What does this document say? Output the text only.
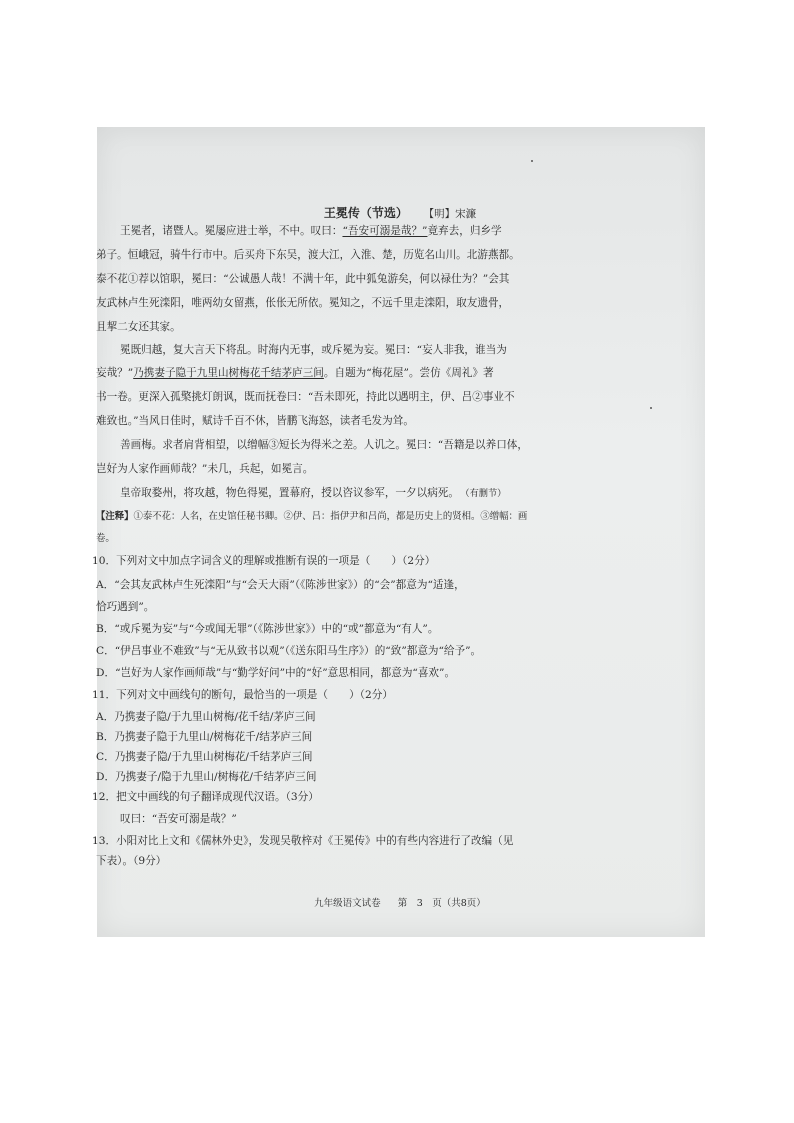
王冕传（节选） 【明】宋濂
王冕者，诸暨人。冕屡应进士举，不中。叹曰：“吾安可溺是哉？”竟弃去，归乡学
弟子。恒峨冠，骑牛行市中。后买舟下东吴，渡大江，入淮、楚，历览名山川。北游燕都。
泰不花①荐以馆职，冕曰：“公诚愚人哉！不满十年，此中狐兔游矣，何以禄仕为？”会其
友武林卢生死滦阳，唯两幼女留燕，伥伥无所依。冕知之，不远千里走滦阳，取友遗骨，
且挈二女还其家。
冕既归越，复大言天下将乱。时海内无事，或斥冕为妄。冕曰：“妄人非我，谁当为
妄哉？”乃携妻子隐于九里山树梅花千结茅庐三间。自题为“梅花屋”。尝仿《周礼》著
书一卷。更深入孤檠挑灯朗讽，既而抚卷曰：“吾未即死，持此以遇明主，伊、吕②事业不
难致也。”当风日佳时，赋诗千百不休，皆鹏飞海怒，读者毛发为耸。
善画梅。求者肩背相望，以缯幅③短长为得米之差。人讥之。冕曰：“吾籍是以养口体，
岂好为人家作画师哉？”未几，兵起，如冕言。
皇帝取婺州，将攻越，物色得冕，置幕府，授以咨议参军，一夕以病死。 （有删节）
【注释】①泰不花：人名，在史馆任秘书卿。②伊、吕：指伊尹和吕尚，都是历史上的贤相。③缯幅：画
卷。
10．下列对文中加点字词含义的理解或推断有误的一项是（　　）（2分）
A．“会其友武林卢生死滦阳”与“会天大雨”（《陈涉世家》）的“会”都意为“适逢，
恰巧遇到”。
B．“或斥冕为妄”与“今或闻无罪”（《陈涉世家》）中的“或”都意为“有人”。
C．“伊吕事业不难致”与“无从致书以观”（《送东阳马生序》）的“致”都意为“给予”。
D．“岂好为人家作画师哉”与“勤学好问”中的“好”意思相同，都意为“喜欢”。
11．下列对文中画线句的断句，最恰当的一项是（　　）（2分）
A．乃携妻子隐/于九里山树梅/花千结/茅庐三间
B．乃携妻子隐于九里山/树梅花千/结茅庐三间
C．乃携妻子隐/于九里山树梅花/千结茅庐三间
D．乃携妻子/隐于九里山/树梅花/千结茅庐三间
12．把文中画线的句子翻译成现代汉语。（3分）
叹曰：“吾安可溺是哉？”
13．小阳对比上文和《儒林外史》，发现吴敬梓对《王冕传》中的有些内容进行了改编（见
下表）。（9分）
九年级语文试卷 第　3　页（共8页）
